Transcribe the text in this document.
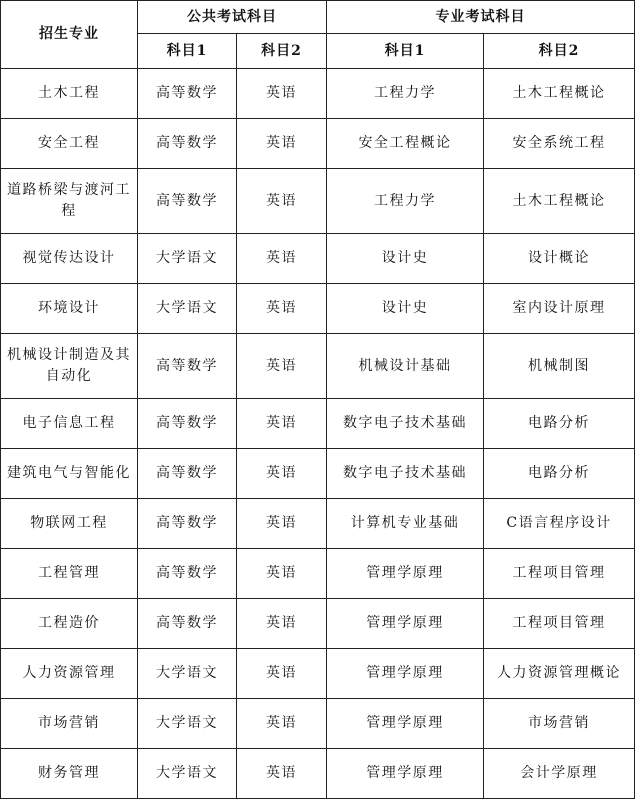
招生专业	公共考试科目		专业考试科目	
	科目1	科目2	科目1	科目2
土木工程	高等数学	英语	工程力学	土木工程概论
安全工程	高等数学	英语	安全工程概论	安全系统工程
道路桥梁与渡河工程	高等数学	英语	工程力学	土木工程概论
视觉传达设计	大学语文	英语	设计史	设计概论
环境设计	大学语文	英语	设计史	室内设计原理
机械设计制造及其自动化	高等数学	英语	机械设计基础	机械制图
电子信息工程	高等数学	英语	数字电子技术基础	电路分析
建筑电气与智能化	高等数学	英语	数字电子技术基础	电路分析
物联网工程	高等数学	英语	计算机专业基础	C语言程序设计
工程管理	高等数学	英语	管理学原理	工程项目管理
工程造价	高等数学	英语	管理学原理	工程项目管理
人力资源管理	大学语文	英语	管理学原理	人力资源管理概论
市场营销	大学语文	英语	管理学原理	市场营销
财务管理	大学语文	英语	管理学原理	会计学原理
